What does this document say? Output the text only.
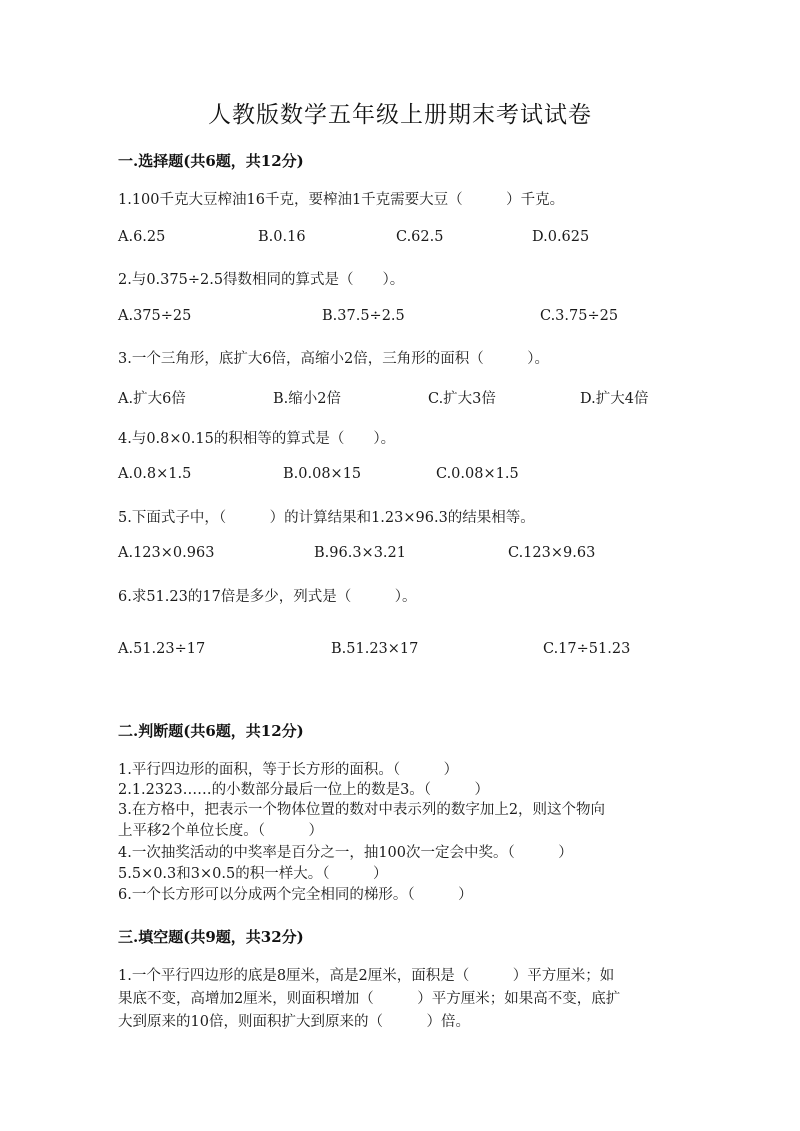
人教版数学五年级上册期末考试试卷
一.选择题(共6题，共12分)
1.100千克大豆榨油16千克，要榨油1千克需要大豆（　　　）千克。
A.6.25	B.0.16	C.62.5	D.0.625
2.与0.375÷2.5得数相同的算式是（　　）。
A.375÷25	B.37.5÷2.5	C.3.75÷25
3.一个三角形，底扩大6倍，高缩小2倍，三角形的面积（　　　）。
A.扩大6倍	B.缩小2倍	C.扩大3倍	D.扩大4倍
4.与0.8×0.15的积相等的算式是（　　）。
A.0.8×1.5	B.0.08×15	C.0.08×1.5
5.下面式子中，（　　　）的计算结果和1.23×96.3的结果相等。
A.123×0.963	B.96.3×3.21	C.123×9.63
6.求51.23的17倍是多少，列式是（　　　）。
A.51.23÷17	B.51.23×17	C.17÷51.23
二.判断题(共6题，共12分)
1.平行四边形的面积，等于长方形的面积。（　　　）
2.1.2323……的小数部分最后一位上的数是3。（　　　）
3.在方格中，把表示一个物体位置的数对中表示列的数字加上2，则这个物向
上平移2个单位长度。（　　　）
4.一次抽奖活动的中奖率是百分之一，抽100次一定会中奖。（　　　）
5.5×0.3和3×0.5的积一样大。（　　　）
6.一个长方形可以分成两个完全相同的梯形。（　　　）
三.填空题(共9题，共32分)
1.一个平行四边形的底是8厘米，高是2厘米，面积是（　　　）平方厘米；如
果底不变，高增加2厘米，则面积增加（　　　）平方厘米；如果高不变，底扩
大到原来的10倍，则面积扩大到原来的（　　　）倍。
